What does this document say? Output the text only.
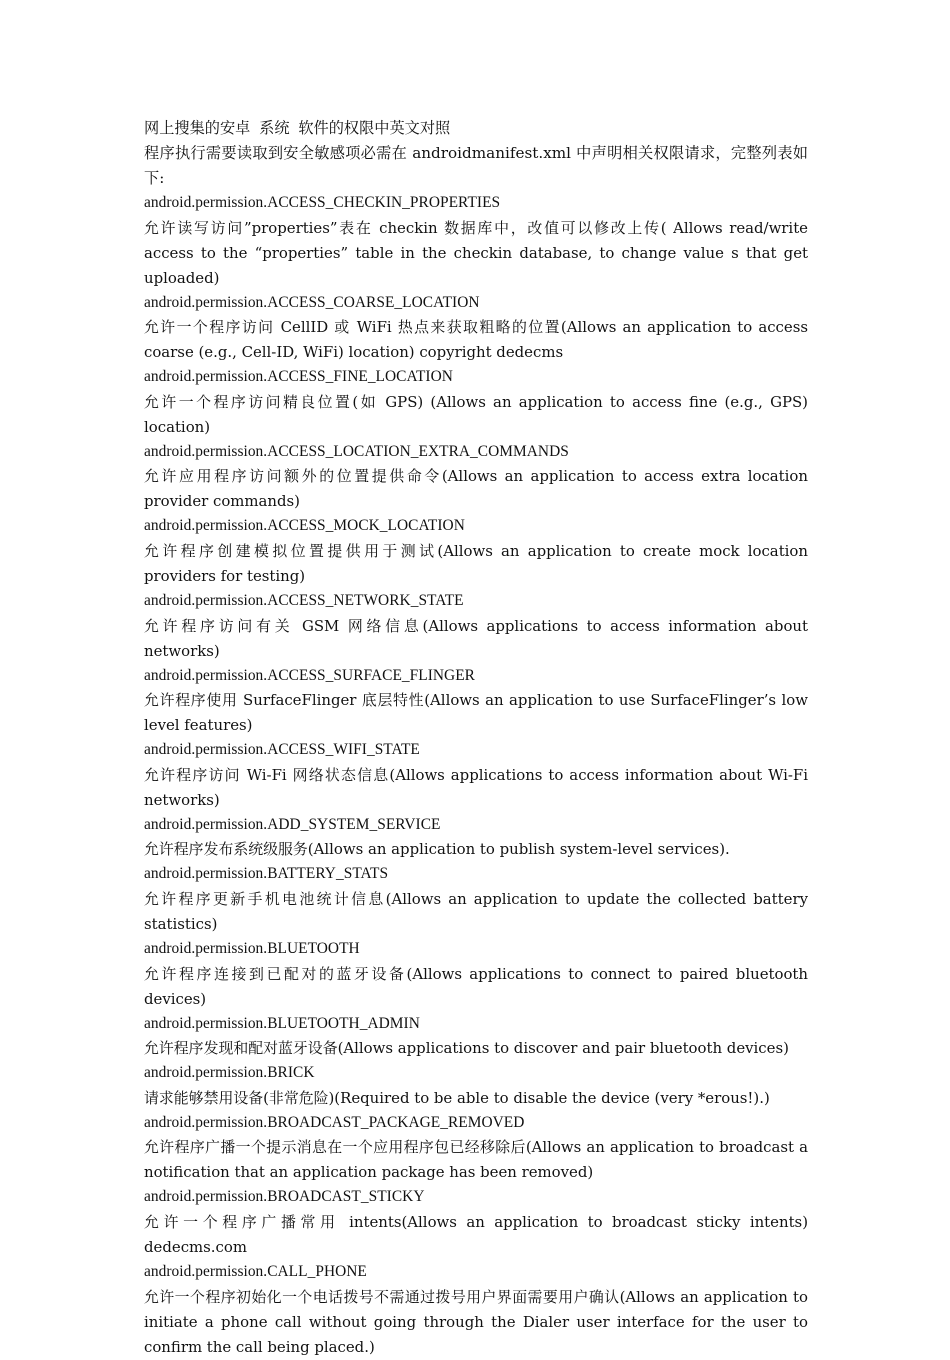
网上搜集的安卓 系统 软件的权限中英文对照

程序执行需要读取到安全敏感项必需在 androidmanifest.xml 中声明相关权限请求，完整列表如下:

android.permission.ACCESS_CHECKIN_PROPERTIES

允许读写访问”properties”表在 checkin 数据库中，改值可以修改上传( Allows read/write access to the “properties” table in the checkin database, to change value s that get uploaded)

android.permission.ACCESS_COARSE_LOCATION

允许一个程序访问 CellID 或 WiFi 热点来获取粗略的位置(Allows an application to access coarse (e.g., Cell-ID, WiFi) location) copyright dedecms

android.permission.ACCESS_FINE_LOCATION

允许一个程序访问精良位置(如 GPS) (Allows an application to access fine (e.g., GPS) location)

android.permission.ACCESS_LOCATION_EXTRA_COMMANDS

允许应用程序访问额外的位置提供命令(Allows an application to access extra location provider commands)

android.permission.ACCESS_MOCK_LOCATION

允许程序创建模拟位置提供用于测试(Allows an application to create mock location providers for testing)

android.permission.ACCESS_NETWORK_STATE

允许程序访问有关 GSM 网络信息(Allows applications to access information about networks)

android.permission.ACCESS_SURFACE_FLINGER

允许程序使用 SurfaceFlinger 底层特性(Allows an application to use SurfaceFlinger’s low level features)

android.permission.ACCESS_WIFI_STATE

允许程序访问 Wi-Fi 网络状态信息(Allows applications to access information about Wi-Fi networks)

android.permission.ADD_SYSTEM_SERVICE

允许程序发布系统级服务(Allows an application to publish system-level services).

android.permission.BATTERY_STATS

允许程序更新手机电池统计信息(Allows an application to update the collected battery statistics)

android.permission.BLUETOOTH

允许程序连接到已配对的蓝牙设备(Allows applications to connect to paired bluetooth devices)

android.permission.BLUETOOTH_ADMIN

允许程序发现和配对蓝牙设备(Allows applications to discover and pair bluetooth devices)

android.permission.BRICK

请求能够禁用设备(非常危险)(Required to be able to disable the device (very *erous!).)

android.permission.BROADCAST_PACKAGE_REMOVED

允许程序广播一个提示消息在一个应用程序包已经移除后(Allows an application to broadcast a notification that an application package has been removed)

android.permission.BROADCAST_STICKY

允许一个程序广播常用 intents(Allows an application to broadcast sticky intents) dedecms.com

android.permission.CALL_PHONE

允许一个程序初始化一个电话拨号不需通过拨号用户界面需要用户确认(Allows an application to initiate a phone call without going through the Dialer user interface for the user to confirm the call being placed.)
